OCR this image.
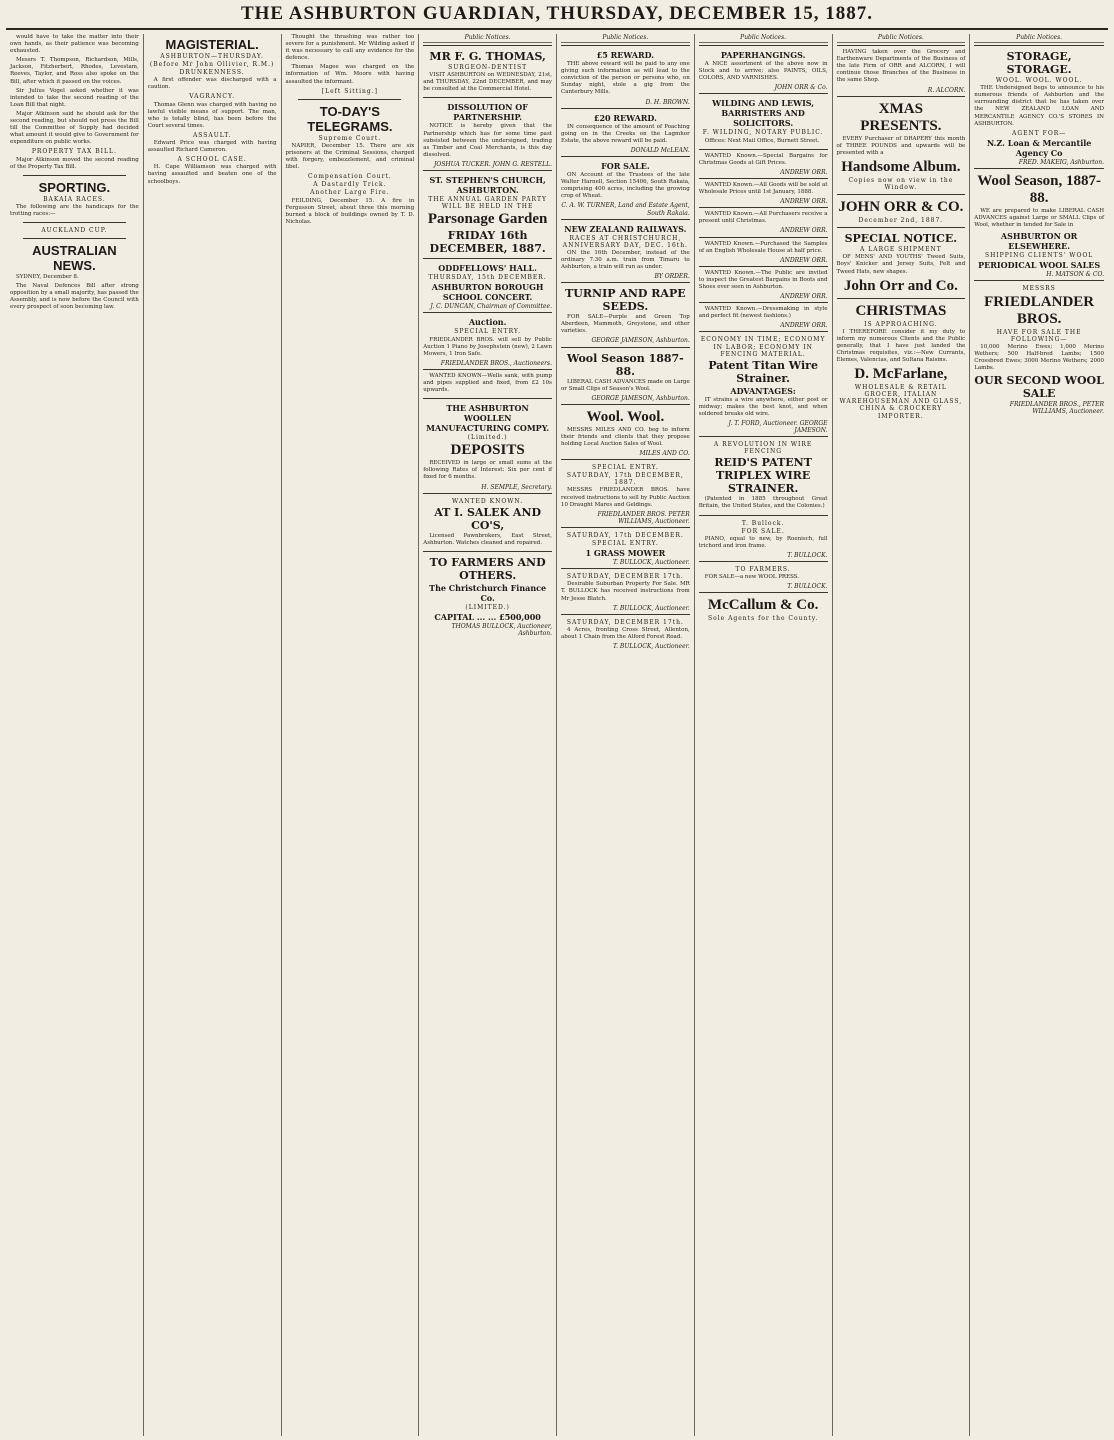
THE ASHBURTON GUARDIAN, THURSDAY, DECEMBER 15, 1887.

would have to take the matter into their own hands, as their patience was becoming exhausted.

Messrs T. Thompson, Richardson, Mills, Jackson, Fitzherbert, Rhodes, Levestam, Reeves, Taylor, and Ross also spoke on the Bill, after which it passed on the voices.

Sir Julius Vogel asked whether it was intended to take the second reading of the Loan Bill that night.

Major Atkinson said he should ask for the second reading, but should not press the Bill till the Committee of Supply had decided what amount it would give to Government for expenditure on public works.

PROPERTY TAX BILL.

Major Atkinson moved the second reading of the Property Tax Bill.

SPORTING.
BAKAIA RACES.

The following are the handicaps for the trotting races:—

AUCKLAND CUP.
AUSTRALIAN NEWS.

SYDNEY, December 8.

The Naval Defences Bill after strong opposition by a small majority, has passed the Assembly, and is now before the Council with every prospect of soon becoming law.

MAGISTERIAL.
ASHBURTON—THURSDAY.
(Before Mr John Ollivier, R.M.)
DRUNKENNESS.

A first offender was discharged with a caution.

VAGRANCY.

Thomas Glenn was charged with having no lawful visible means of support. The man, who is totally blind, has been before the Court several times.

ASSAULT.

Edward Price was charged with having assaulted Richard Cameron.

A SCHOOL CASE.

H. Cape Williamson was charged with having assaulted and beaten one of the schoolboys.

Thought the thrashing was rather too severe for a punishment. Mr Wilding asked if it was necessary to call any evidence for the defence.

Thomas Magee was charged on the information of Wm. Moore with having assaulted the informant.

[Left Sitting.]
TO-DAY'S TELEGRAMS.
Supreme Court.

NAPIER, December 15. There are six prisoners at the Criminal Sessions, charged with forgery, embezzlement, and criminal libel.

Compensation Court.
A Dastardly Trick.
Another Large Fire.

FEILDING, December 15. A fire in Fergusson Street, about three this morning burned a block of buildings owned by T. D. Nicholas.

Public Notices.
MR F. G. THOMAS,
SURGEON-DENTIST

VISIT ASHBURTON on WEDNESDAY, 21st, and THURSDAY, 22nd DECEMBER, and may be consulted at the Commercial Hotel.

DISSOLUTION OF PARTNERSHIP.

NOTICE is hereby given that the Partnership which has for some time past subsisted between the undersigned, trading as Timber and Coal Merchants, is this day dissolved.

JOSHUA TUCKER. JOHN G. RESTELL.
ST. STEPHEN'S CHURCH, ASHBURTON.
THE ANNUAL GARDEN PARTY WILL BE HELD IN THE
Parsonage Garden
FRIDAY 16th DECEMBER, 1887.
ODDFELLOWS' HALL.
THURSDAY, 15th DECEMBER.
ASHBURTON BOROUGH SCHOOL CONCERT.
J. C. DUNCAN, Chairman of Committee.
Auction.
SPECIAL ENTRY.

FRIEDLANDER BROS. will sell by Public Auction 1 Piano by Josephstein (new), 2 Lawn Mowers, 1 Iron Safe.

FRIEDLANDER BROS., Auctioneers.

WANTED KNOWN—Wells sank, with pump and pipes supplied and fixed, from £2 10s upwards.

THE ASHBURTON WOOLLEN MANUFACTURING COMPY.
(Limited.)
DEPOSITS

RECEIVED in large or small sums at the following Rates of Interest: Six per cent if fixed for 6 months.

H. SEMPLE, Secretary.
WANTED KNOWN.
AT I. SALEK AND CO'S,

Licensed Pawnbrokers, East Street, Ashburton. Watches cleaned and repaired.

TO FARMERS AND OTHERS.
The Christchurch Finance Co.
(LIMITED.)
CAPITAL ... ... £500,000
THOMAS BULLOCK, Auctioneer, Ashburton.
Public Notices.
£5 REWARD.

THE above reward will be paid to any one giving such information as will lead to the conviction of the person or persons who, on Sunday night, stole a gig from the Canterbury Mills.

D. H. BROWN.
£20 REWARD.

IN consequence of the amount of Poaching going on in the Creeks on the Lagmhor Estate, the above reward will be paid.

DONALD McLEAN.
FOR SALE.

ON Account of the Trustees of the late Walter Harnell, Section 15406, South Rakaia, comprising 400 acres, including the growing crop of Wheat.

C. A. W. TURNER, Land and Estate Agent, South Rakaia.
NEW ZEALAND RAILWAYS.
RACES AT CHRISTCHURCH, ANNIVERSARY DAY, DEC. 16th.

ON the 16th December, instead of the ordinary 7.30 a.m. train from Timaru to Ashburton, a train will run as under.

BY ORDER.
TURNIP AND RAPE SEEDS.

FOR SALE—Purple and Green Top Aberdeen, Mammoth, Greystone, and other varieties.

GEORGE JAMESON, Ashburton.
Wool Season 1887-88.

LIBERAL CASH ADVANCES made on Large or Small Clips of Season's Wool.

GEORGE JAMESON, Ashburton.
Wool. Wool.

MESSRS MILES AND CO. beg to inform their friends and clients that they propose holding Local Auction Sales of Wool.

MILES AND CO.
SPECIAL ENTRY.
SATURDAY, 17th DECEMBER, 1887.

MESSRS FRIEDLANDER BROS. have received instructions to sell by Public Auction 10 Draught Mares and Geldings.

FRIEDLANDER BROS. PETER WILLIAMS, Auctioneer.
SATURDAY, 17th DECEMBER.
SPECIAL ENTRY.
1 GRASS MOWER
T. BULLOCK, Auctioneer.
SATURDAY, DECEMBER 17th.

Desirable Suburban Property For Sale. MR T. BULLOCK has received instructions from Mr Jesse Blatch.

T. BULLOCK, Auctioneer.
SATURDAY, DECEMBER 17th.

4 Acres, fronting Cross Street, Allenton, about 1 Chain from the Alford Forest Road.

T. BULLOCK, Auctioneer.
Public Notices.
PAPERHANGINGS.

A NICE assortment of the above now in Stock and to arrive; also PAINTS, OILS, COLORS, AND VARNISHES.

JOHN ORR & Co.
WILDING AND LEWIS, BARRISTERS AND SOLICITORS.
F. WILDING, NOTARY PUBLIC.

Offices: Next Mail Office, Burnett Street.

WANTED Known.—Special Bargains for Christmas Goods at Gift Prices.

ANDREW ORR.

WANTED Known.—All Goods will be sold at Wholesale Prices until 1st January, 1888.

ANDREW ORR.

WANTED Known.—All Purchasers receive a present until Christmas.

ANDREW ORR.

WANTED Known.—Purchased the Samples of an English Wholesale House at half price.

ANDREW ORR.

WANTED Known.—The Public are invited to inspect the Greatest Bargains in Boots and Shoes ever seen in Ashburton.

ANDREW ORR.

WANTED Known.—Dressmaking in style and perfect fit (newest fashions.)

ANDREW ORR.
ECONOMY IN TIME; ECONOMY IN LABOR; ECONOMY IN FENCING MATERIAL.
Patent Titan Wire Strainer.
ADVANTAGES:

IT strains a wire anywhere, either post or midway; makes the best knot, and when soldered breaks old wire.

J. T. FORD, Auctioneer. GEORGE JAMESON.
A REVOLUTION IN WIRE FENCING
REID'S PATENT TRIPLEX WIRE STRAINER.

(Patented in 1885 throughout Great Britain, the United States, and the Colonies.)

T. Bullock.
FOR SALE.

PIANO, equal to new, by Roenisch, full trichord and iron frame.

T. BULLOCK.
TO FARMERS.

FOR SALE—a new WOOL PRESS.

T. BULLOCK.
McCallum & Co.
Sole Agents for the County.
Public Notices.

HAVING taken over the Grocery and Earthenware Departments of the Business of the late Firm of ORR and ALCORN, I will continue those Branches of the Business in the same Shop.

R. ALCORN.
XMAS PRESENTS.

EVERY Purchaser of DRAPERY this month of THREE POUNDS and upwards will be presented with a

Handsome Album.
Copies now on view in the Window.
JOHN ORR & CO.
December 2nd, 1887.
SPECIAL NOTICE.
A LARGE SHIPMENT

OF MENS' AND YOUTHS' Tweed Suits, Boys' Knicker and Jersey Suits, Felt and Tweed Hats, new shapes.

John Orr and Co.
CHRISTMAS
IS APPROACHING.

I THEREFORE consider it my duty to inform my numerous Clients and the Public generally, that I have just landed the Christmas requisites, viz.:—New Currants, Elemes, Valencias, and Sultana Raisins.

D. McFarlane,
WHOLESALE & RETAIL GROCER, ITALIAN WAREHOUSEMAN AND GLASS, CHINA & CROCKERY IMPORTER.
Public Notices.
STORAGE, STORAGE.
WOOL. WOOL. WOOL.

THE Undersigned begs to announce to his numerous friends of Ashburton and the surrounding district that he has taken over the NEW ZEALAND LOAN AND MERCANTILE AGENCY CO.'S STORES IN ASHBURTON.

AGENT FOR—
N.Z. Loan & Mercantile Agency Co
FRED. MAKEIG, Ashburton.
Wool Season, 1887-88.

WE are prepared to make LIBERAL CASH ADVANCES against Large or SMALL Clips of Wool, whether in tended for Sale in

ASHBURTON OR ELSEWHERE.
SHIPPING CLIENTS' WOOL
PERIODICAL WOOL SALES
H. MATSON & CO.
MESSRS
FRIEDLANDER BROS.
HAVE FOR SALE THE FOLLOWING—

10,000 Merino Ewes; 1,000 Merino Wethers; 500 Half-bred Lambs; 1500 Crossbred Ewes; 3000 Merino Wethers; 2000 Lambs.

OUR SECOND WOOL SALE
FRIEDLANDER BROS., PETER WILLIAMS, Auctioneer.
